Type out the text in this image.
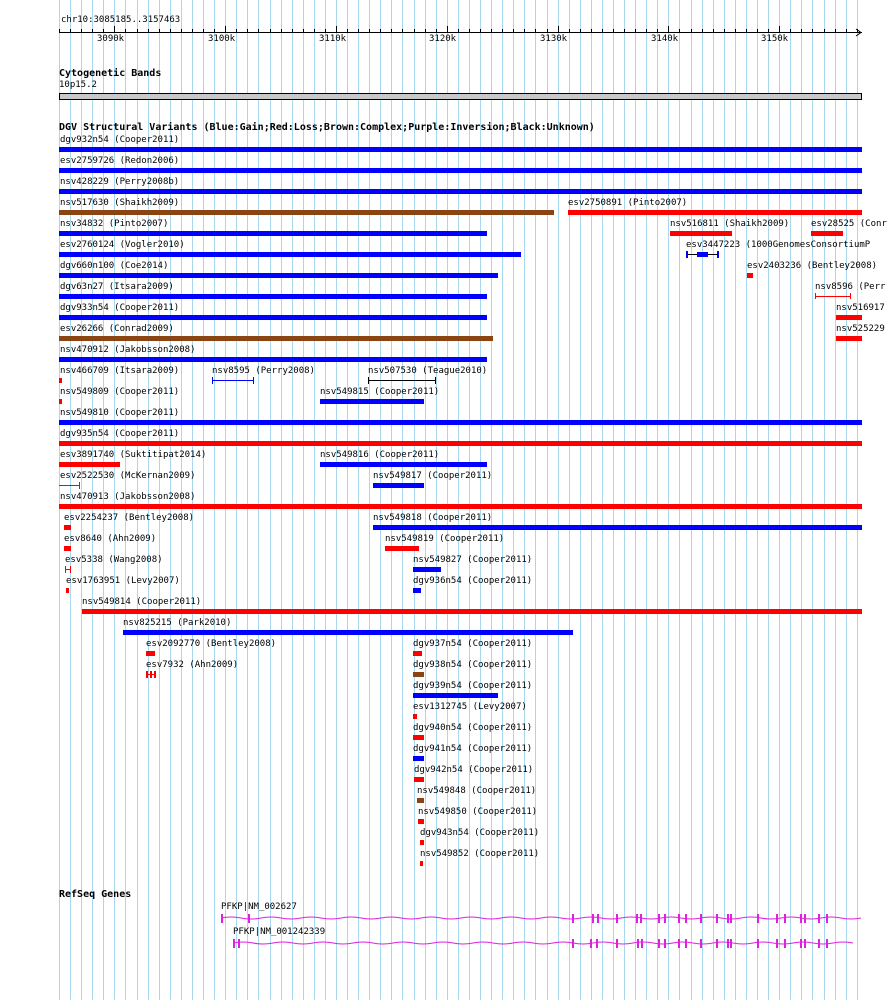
chr10:3085185..3157463
3090k	3100k	3110k	3120k	3130k	3140k	3150k
Cytogenetic Bands
10p15.2
DGV Structural Variants (Blue:Gain;Red:Loss;Brown:Complex;Purple:Inversion;Black:Unknown)
dgv932n54 (Cooper2011)
esv2759726 (Redon2006)
nsv428229 (Perry2008b)
nsv517630 (Shaikh2009)	esv2750891 (Pinto2007)
nsv34832 (Pinto2007)	nsv516811 (Shaikh2009) esv28525 (Conr
esv2760124 (Vogler2010)	esv3447223 (1000GenomesConsortiumP
dgv660n100 (Coe2014)	esv2403236 (Bentley2008)
dgv63n27 (Itsara2009)	nsv8596 (Perr
dgv933n54 (Cooper2011)	nsv516917
esv26266 (Conrad2009)	nsv525229
nsv470912 (Jakobsson2008)
nsv466709 (Itsara2009)	nsv8595 (Perry2008)	nsv507530 (Teague2010)
nsv549809 (Cooper2011)	nsv549815 (Cooper2011)
nsv549810 (Cooper2011)
dgv935n54 (Cooper2011)
esv3891740 (Suktitipat2014)	nsv549816 (Cooper2011)
esv2522530 (McKernan2009)	nsv549817 (Cooper2011)
nsv470913 (Jakobsson2008)
esv2254237 (Bentley2008)	nsv549818 (Cooper2011)
esv8640 (Ahn2009)	nsv549819 (Cooper2011)
esv5338 (Wang2008)	nsv549827 (Cooper2011)
esv1763951 (Levy2007)	dgv936n54 (Cooper2011)
nsv549814 (Cooper2011)
nsv825215 (Park2010)
esv2092770 (Bentley2008)	dgv937n54 (Cooper2011)
esv7932 (Ahn2009)	dgv938n54 (Cooper2011)
dgv939n54 (Cooper2011)
esv1312745 (Levy2007)
dgv940n54 (Cooper2011)
dgv941n54 (Cooper2011)
dgv942n54 (Cooper2011)
nsv549848 (Cooper2011)
nsv549850 (Cooper2011)
dgv943n54 (Cooper2011)
nsv549852 (Cooper2011)
RefSeq Genes
PFKP|NM_002627
PFKP|NM_001242339
